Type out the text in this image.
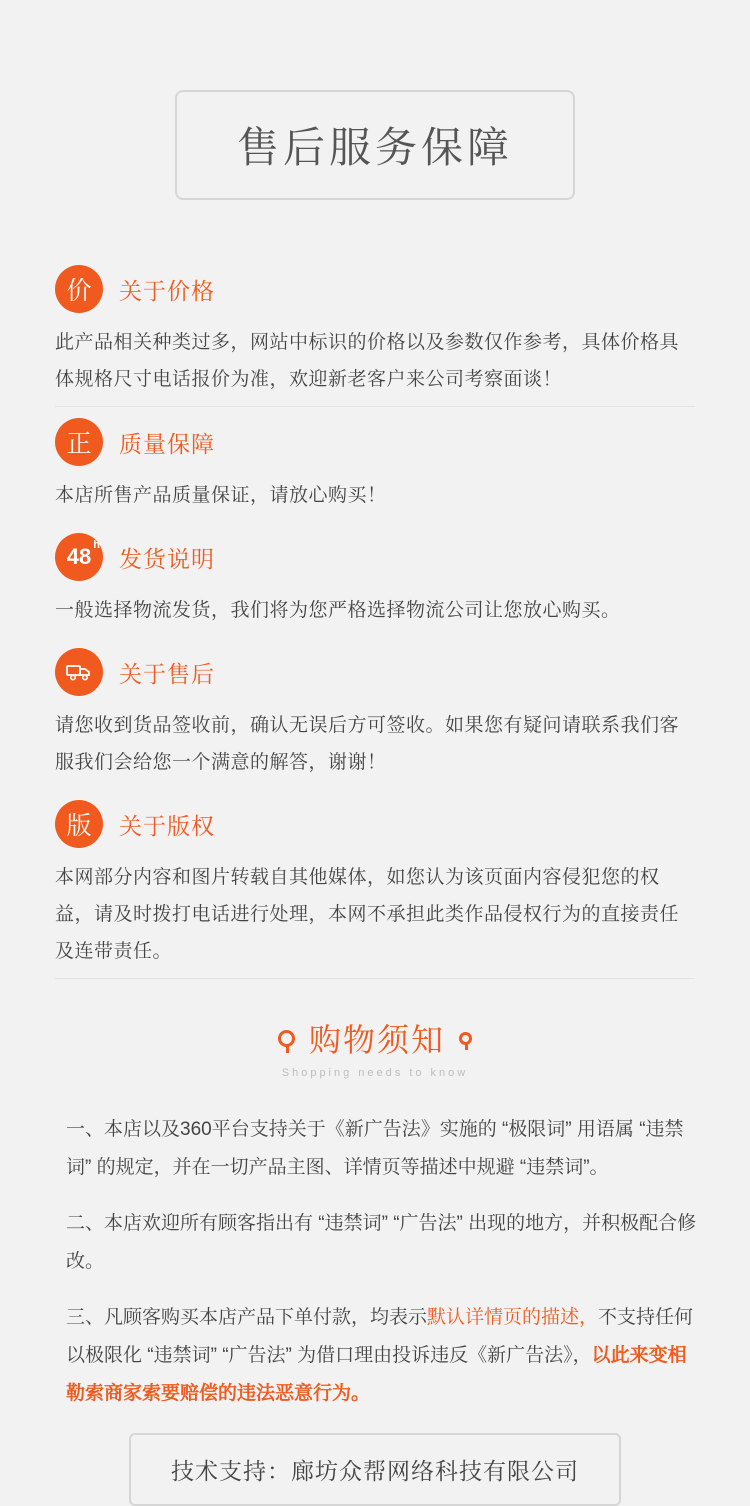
售后服务保障
价 关于价格
此产品相关种类过多，网站中标识的价格以及参数仅作参考，具体价格具体规格尺寸电话报价为准，欢迎新老客户来公司考察面谈！
正 质量保障
本店所售产品质量保证，请放心购买！
48 h
发货说明
一般选择物流发货，我们将为您严格选择物流公司让您放心购买。
关于售后
请您收到货品签收前，确认无误后方可签收。如果您有疑问请联系我们客服我们会给您一个满意的解答，谢谢！
版 关于版权
本网部分内容和图片转载自其他媒体，如您认为该页面内容侵犯您的权益，请及时拨打电话进行处理，本网不承担此类作品侵权行为的直接责任及连带责任。
购物须知
Shopping needs to know
一、本店以及360平台支持关于《新广告法》实施的 “极限词” 用语属 “违禁词” 的规定，并在一切产品主图、详情页等描述中规避 “违禁词”。
二、本店欢迎所有顾客指出有 “违禁词” “广告法” 出现的地方，并积极配合修改。
三、凡顾客购买本店产品下单付款，均表示默认详情页的描述，不支持任何以极限化 “违禁词” “广告法” 为借口理由投诉违反《新广告法》，以此来变相勒索商家索要赔偿的违法恶意行为。
技术支持：廊坊众帮网络科技有限公司
